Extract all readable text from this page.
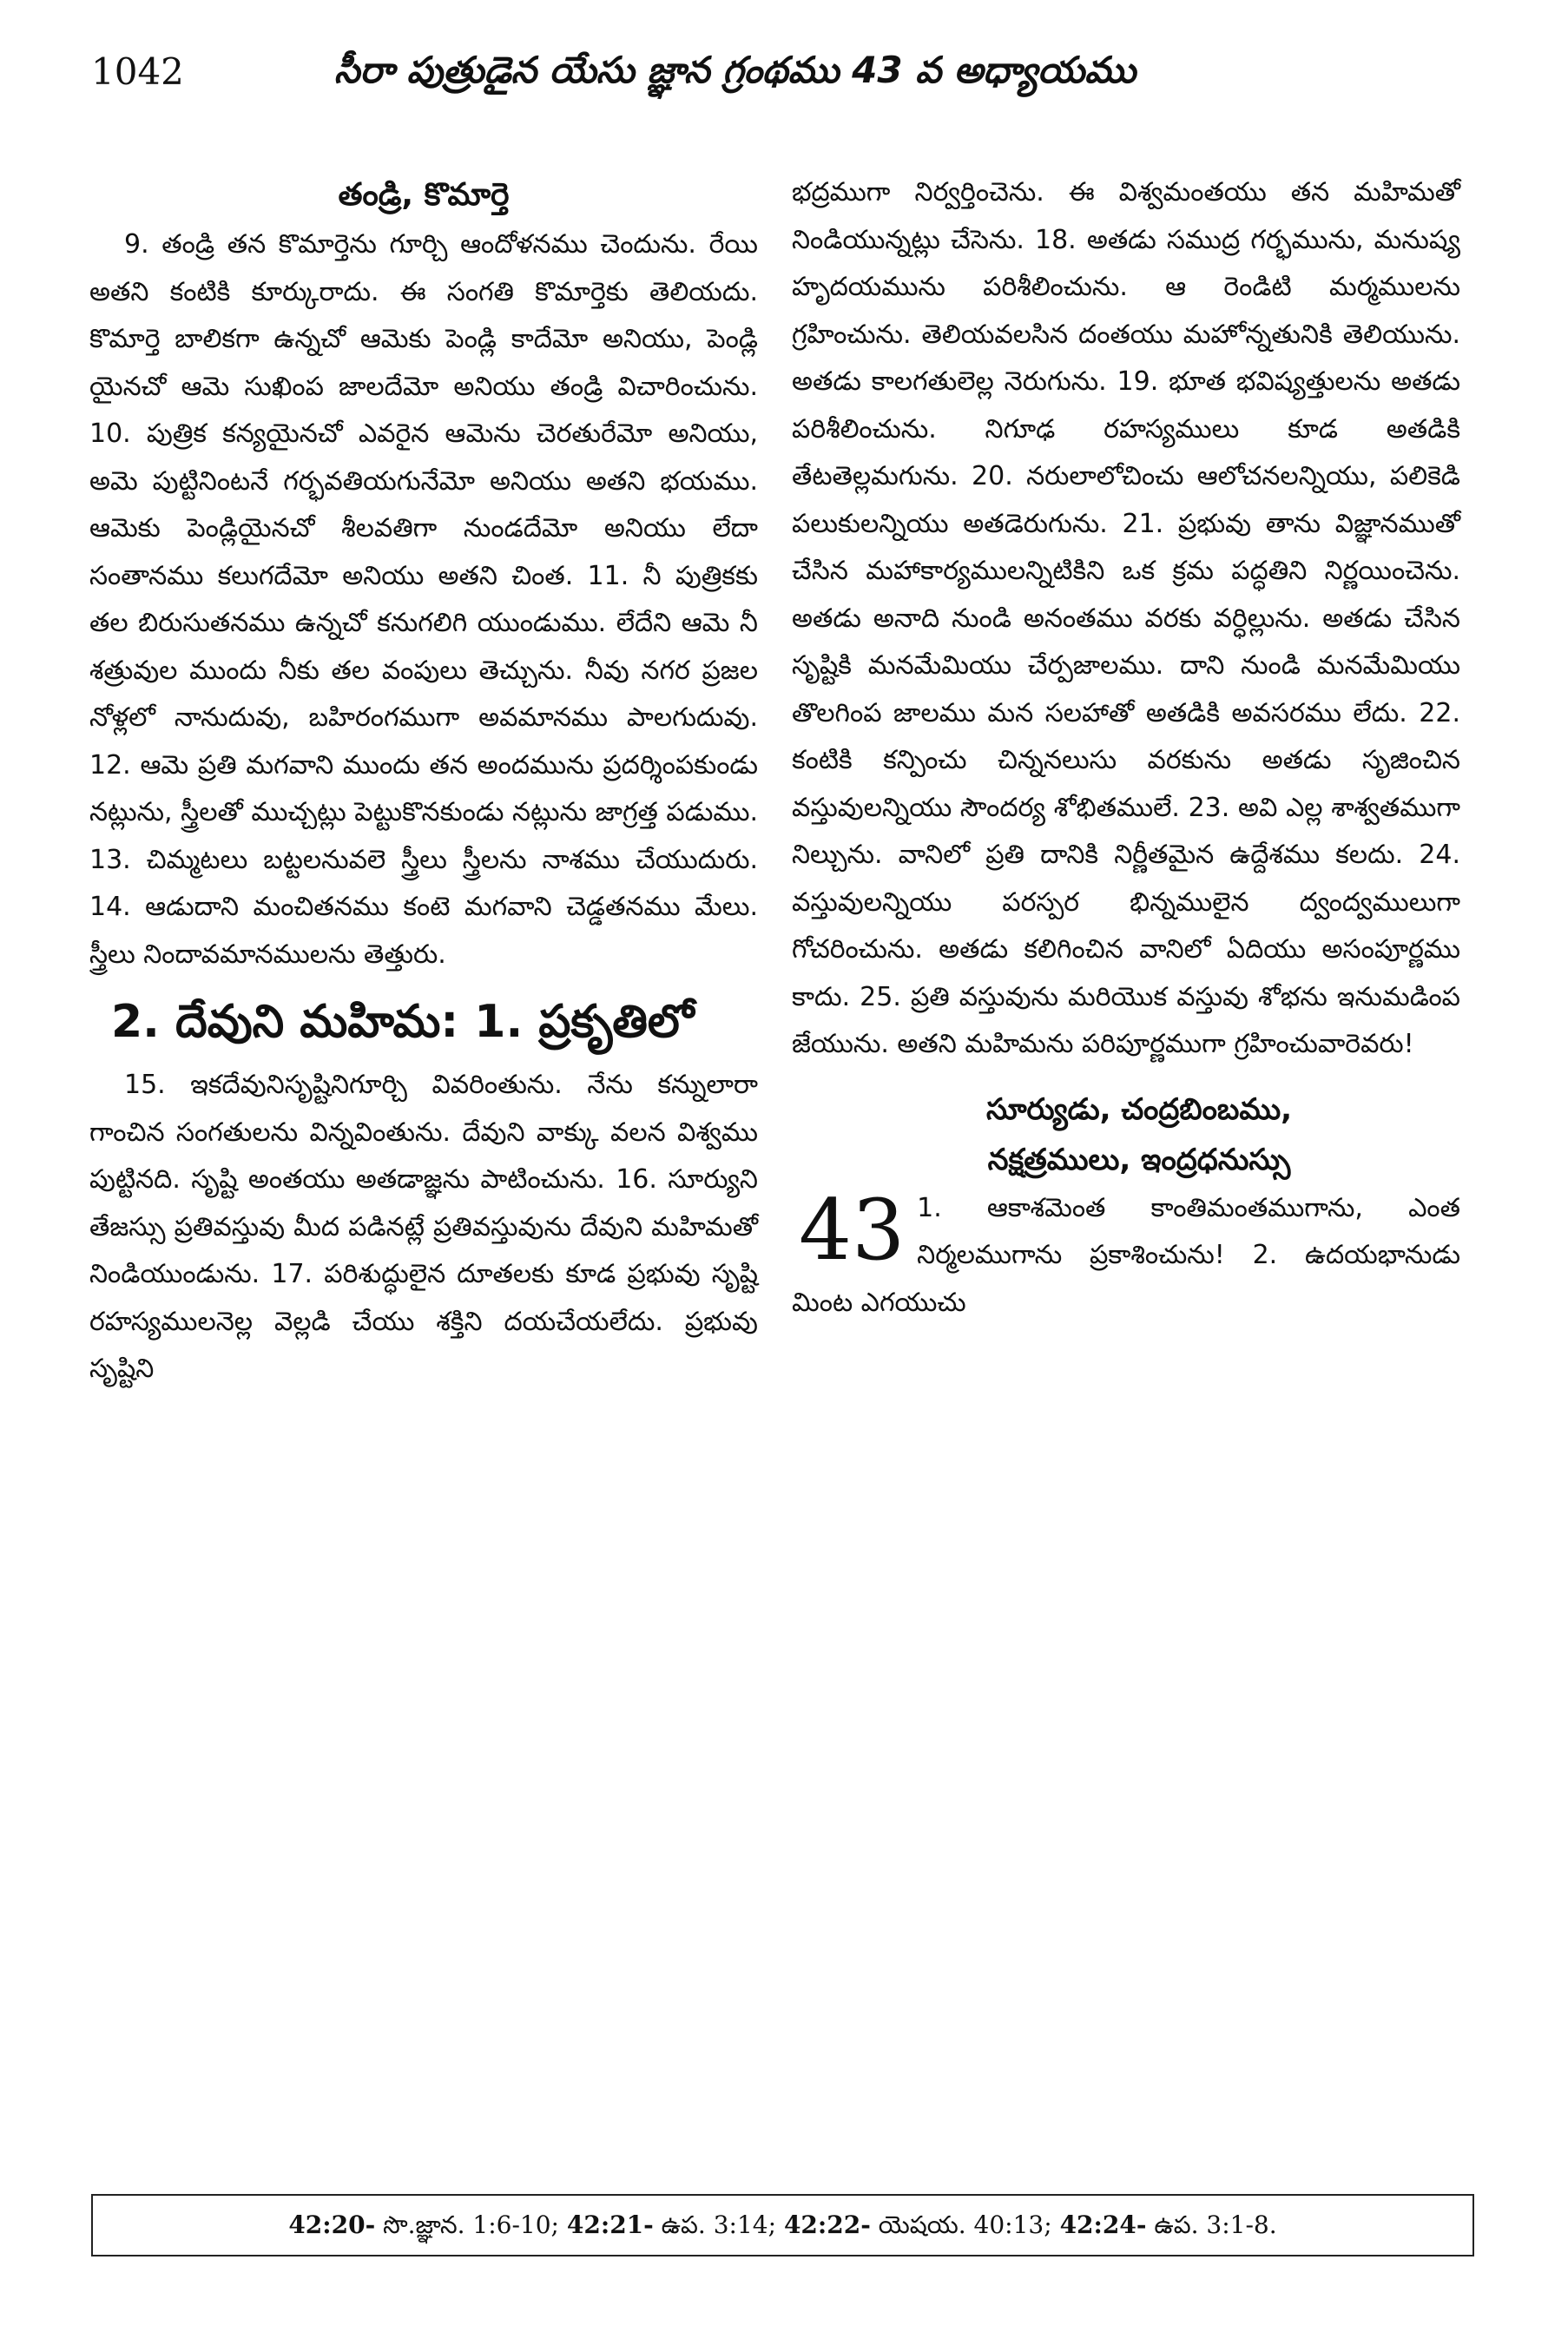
1042	సీరా పుత్రుడైన యేసు జ్ఞాన గ్రంథము 43 వ అధ్యాయము
తండ్రి, కొమార్తె

9. తండ్రి తన కొమార్తెను గూర్చి ఆందోళనము చెందును. రేయి అతని కంటికి కూర్కురాదు. ఈ సంగతి కొమార్తెకు తెలియదు. కొమార్తె బాలికగా ఉన్నచో ఆమెకు పెండ్లి కాదేమో అనియు, పెండ్లి యైనచో ఆమె సుఖింప జాలదేమో అనియు తండ్రి విచారించును. 10. పుత్రిక కన్యయైనచో ఎవరైన ఆమెను చెరతురేమో అనియు, అమె పుట్టినింటనే గర్భవతియగునేమో అనియు అతని భయము. ఆమెకు పెండ్లియైనచో శీలవతిగా నుండదేమో అనియు లేదా సంతానము కలుగదేమో అనియు అతని చింత. 11. నీ పుత్రికకు తల బిరుసుతనము ఉన్నచో కనుగలిగి యుండుము. లేదేని ఆమె నీ శత్రువుల ముందు నీకు తల వంపులు తెచ్చును. నీవు నగర ప్రజల నోళ్లలో నానుదువు, బహిరంగముగా అవమానము పాలగుదువు. 12. ఆమె ప్రతి మగవాని ముందు తన అందమును ప్రదర్శింపకుండు నట్లును, స్త్రీలతో ముచ్చట్లు పెట్టుకొనకుండు నట్లును జాగ్రత్త పడుము. 13. చిమ్మటలు బట్టలనువలె స్త్రీలు స్త్రీలను నాశము చేయుదురు. 14. ఆడుదాని మంచితనము కంటె మగవాని చెడ్డతనము మేలు. స్త్రీలు నిందావమానములను తెత్తురు.

2. దేవుని మహిమ: 1. ప్రకృతిలో

15. ఇకదేవునిసృష్టినిగూర్చి వివరింతును. నేను కన్నులారా గాంచిన సంగతులను విన్నవింతును. దేవుని వాక్కు వలన విశ్వము పుట్టినది. సృష్టి అంతయు అతడాజ్ఞను పాటించును. 16. సూర్యుని తేజస్సు ప్రతివస్తువు మీద పడినట్లే ప్రతివస్తువును దేవుని మహిమతో నిండియుండును. 17. పరిశుద్ధులైన దూతలకు కూడ ప్రభువు సృష్టి రహస్యములనెల్ల వెల్లడి చేయు శక్తిని దయచేయలేదు. ప్రభువు సృష్టిని

భద్రముగా నిర్వర్తించెను. ఈ విశ్వమంతయు తన మహిమతో నిండియున్నట్లు చేసెను. 18. అతడు సముద్ర గర్భమును, మనుష్య హృదయమును పరిశీలించును. ఆ రెండిటి మర్మములను గ్రహించును. తెలియవలసిన దంతయు మహోన్నతునికి తెలియును. అతడు కాలగతులెల్ల నెరుగును. 19. భూత భవిష్యత్తులను అతడు పరిశీలించును. నిగూఢ రహస్యములు కూడ అతడికి తేటతెల్లమగును. 20. నరులాలోచించు ఆలోచనలన్నియు, పలికెడి పలుకులన్నియు అతడెరుగును. 21. ప్రభువు తాను విజ్ఞానముతో చేసిన మహాకార్యములన్నిటికిని ఒక క్రమ పద్ధతిని నిర్ణయించెను. అతడు అనాది నుండి అనంతము వరకు వర్ధిల్లును. అతడు చేసిన సృష్టికి మనమేమియు చేర్పజాలము. దాని నుండి మనమేమియు తొలగింప జాలము మన సలహాతో అతడికి అవసరము లేదు. 22. కంటికి కన్పించు చిన్ననలుసు వరకును అతడు సృజించిన వస్తువులన్నియు సౌందర్య శోభితములే. 23. అవి ఎల్ల శాశ్వతముగా నిల్చును. వానిలో ప్రతి దానికి నిర్ణీతమైన ఉద్దేశము కలదు. 24. వస్తువులన్నియు పరస్పర భిన్నములైన ద్వంద్వములుగా గోచరించును. అతడు కలిగించిన వానిలో ఏదియు అసంపూర్ణము కాదు. 25. ప్రతి వస్తువును మరియొక వస్తువు శోభను ఇనుమడింప జేయును. అతని మహిమను పరిపూర్ణముగా గ్రహించువారెవరు!

సూర్యుడు, చంద్రబింబము,
నక్షత్రములు, ఇంద్రధనుస్సు
43 1. ఆకాశమెంత కాంతిమంతముగాను, ఎంత నిర్మలముగాను ప్రకాశించును! 2. ఉదయభానుడు మింట ఎగయుచు

42:20- సొ.జ్ఞాన. 1:6-10; 42:21- ఉప. 3:14; 42:22- యెషయ. 40:13; 42:24- ఉప. 3:1-8.
